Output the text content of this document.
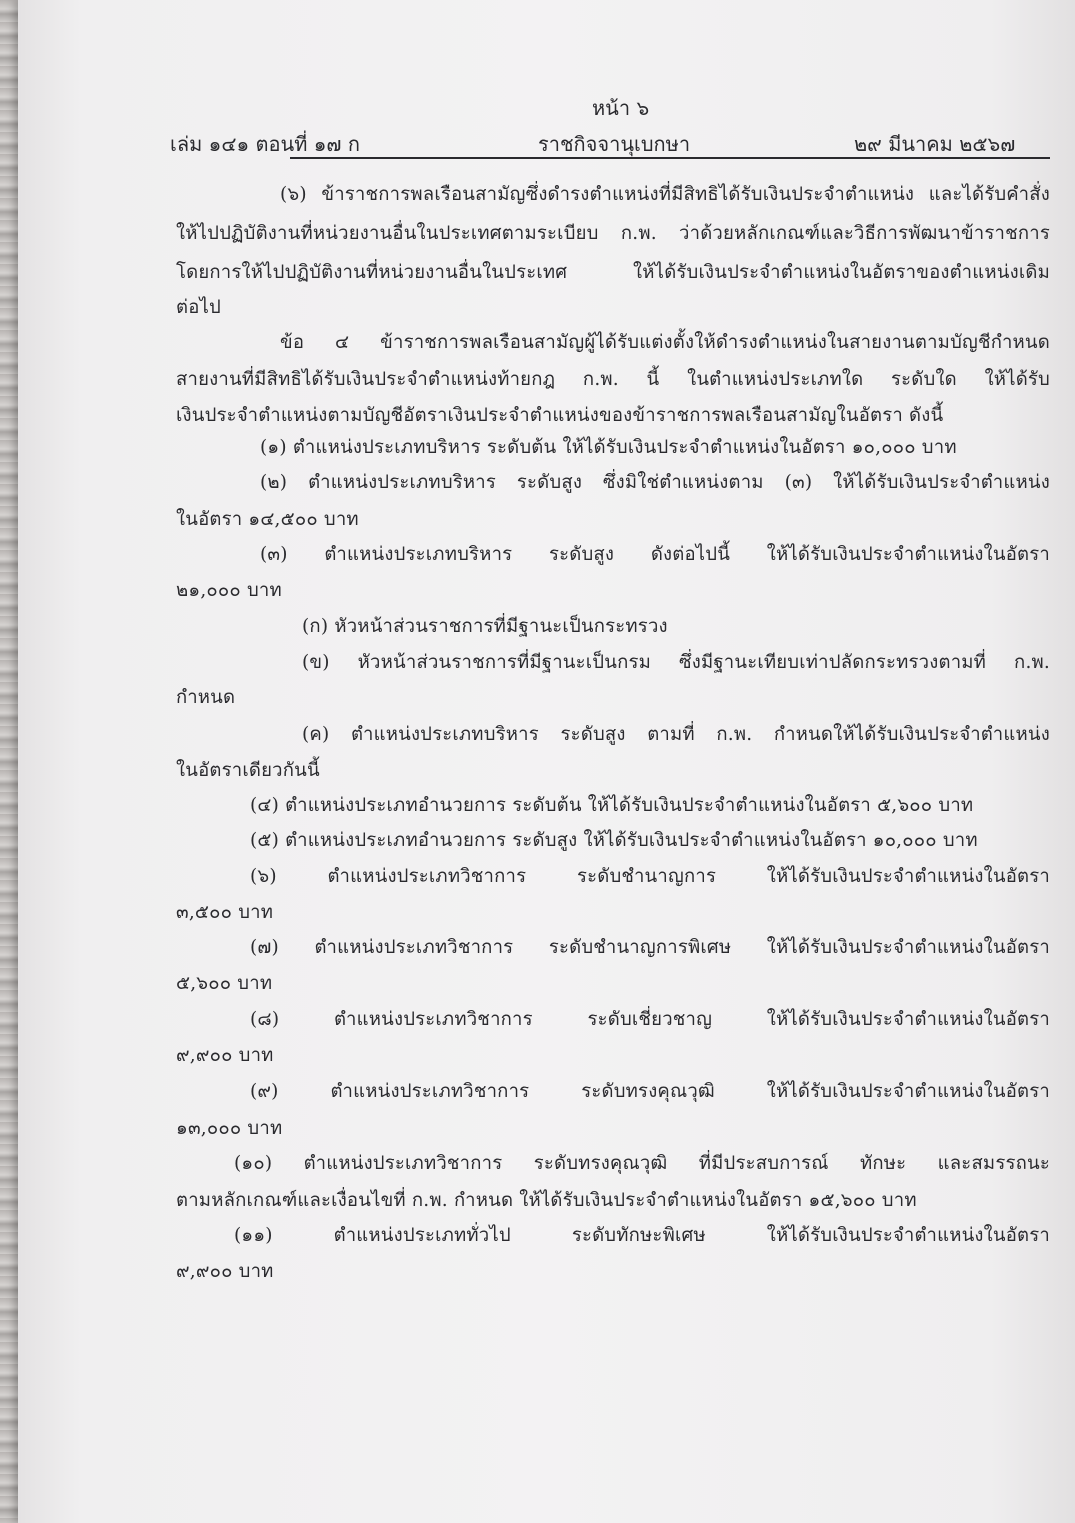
หน้า ๖
เล่ม ๑๔๑ ตอนที่ ๑๗ ก	ราชกิจจานุเบกษา	๒๙ มีนาคม ๒๕๖๗
(๖) ข้าราชการพลเรือนสามัญซึ่งดำรงตำแหน่งที่มีสิทธิได้รับเงินประจำตำแหน่ง และได้รับคำสั่ง
ให้ไปปฏิบัติงานที่หน่วยงานอื่นในประเทศตามระเบียบ ก.พ. ว่าด้วยหลักเกณฑ์และวิธีการพัฒนาข้าราชการ
โดยการให้ไปปฏิบัติงานที่หน่วยงานอื่นในประเทศ ให้ได้รับเงินประจำตำแหน่งในอัตราของตำแหน่งเดิม
ต่อไป
ข้อ ๔ ข้าราชการพลเรือนสามัญผู้ได้รับแต่งตั้งให้ดำรงตำแหน่งในสายงานตามบัญชีกำหนด
สายงานที่มีสิทธิได้รับเงินประจำตำแหน่งท้ายกฎ ก.พ. นี้ ในตำแหน่งประเภทใด ระดับใด ให้ได้รับ
เงินประจำตำแหน่งตามบัญชีอัตราเงินประจำตำแหน่งของข้าราชการพลเรือนสามัญในอัตรา ดังนี้
(๑) ตำแหน่งประเภทบริหาร ระดับต้น ให้ได้รับเงินประจำตำแหน่งในอัตรา ๑๐,๐๐๐ บาท
(๒) ตำแหน่งประเภทบริหาร ระดับสูง ซึ่งมิใช่ตำแหน่งตาม (๓) ให้ได้รับเงินประจำตำแหน่ง
ในอัตรา ๑๔,๕๐๐ บาท
(๓) ตำแหน่งประเภทบริหาร ระดับสูง ดังต่อไปนี้ ให้ได้รับเงินประจำตำแหน่งในอัตรา
๒๑,๐๐๐ บาท
(ก) หัวหน้าส่วนราชการที่มีฐานะเป็นกระทรวง
(ข) หัวหน้าส่วนราชการที่มีฐานะเป็นกรม ซึ่งมีฐานะเทียบเท่าปลัดกระทรวงตามที่ ก.พ.
กำหนด
(ค) ตำแหน่งประเภทบริหาร ระดับสูง ตามที่ ก.พ. กำหนดให้ได้รับเงินประจำตำแหน่ง
ในอัตราเดียวกันนี้
(๔) ตำแหน่งประเภทอำนวยการ ระดับต้น ให้ได้รับเงินประจำตำแหน่งในอัตรา ๕,๖๐๐ บาท
(๕) ตำแหน่งประเภทอำนวยการ ระดับสูง ให้ได้รับเงินประจำตำแหน่งในอัตรา ๑๐,๐๐๐ บาท
(๖) ตำแหน่งประเภทวิชาการ ระดับชำนาญการ ให้ได้รับเงินประจำตำแหน่งในอัตรา
๓,๕๐๐ บาท
(๗) ตำแหน่งประเภทวิชาการ ระดับชำนาญการพิเศษ ให้ได้รับเงินประจำตำแหน่งในอัตรา
๕,๖๐๐ บาท
(๘) ตำแหน่งประเภทวิชาการ ระดับเชี่ยวชาญ ให้ได้รับเงินประจำตำแหน่งในอัตรา
๙,๙๐๐ บาท
(๙) ตำแหน่งประเภทวิชาการ ระดับทรงคุณวุฒิ ให้ได้รับเงินประจำตำแหน่งในอัตรา
๑๓,๐๐๐ บาท
(๑๐) ตำแหน่งประเภทวิชาการ ระดับทรงคุณวุฒิ ที่มีประสบการณ์ ทักษะ และสมรรถนะ
ตามหลักเกณฑ์และเงื่อนไขที่ ก.พ. กำหนด ให้ได้รับเงินประจำตำแหน่งในอัตรา ๑๕,๖๐๐ บาท
(๑๑) ตำแหน่งประเภททั่วไป ระดับทักษะพิเศษ ให้ได้รับเงินประจำตำแหน่งในอัตรา
๙,๙๐๐ บาท
